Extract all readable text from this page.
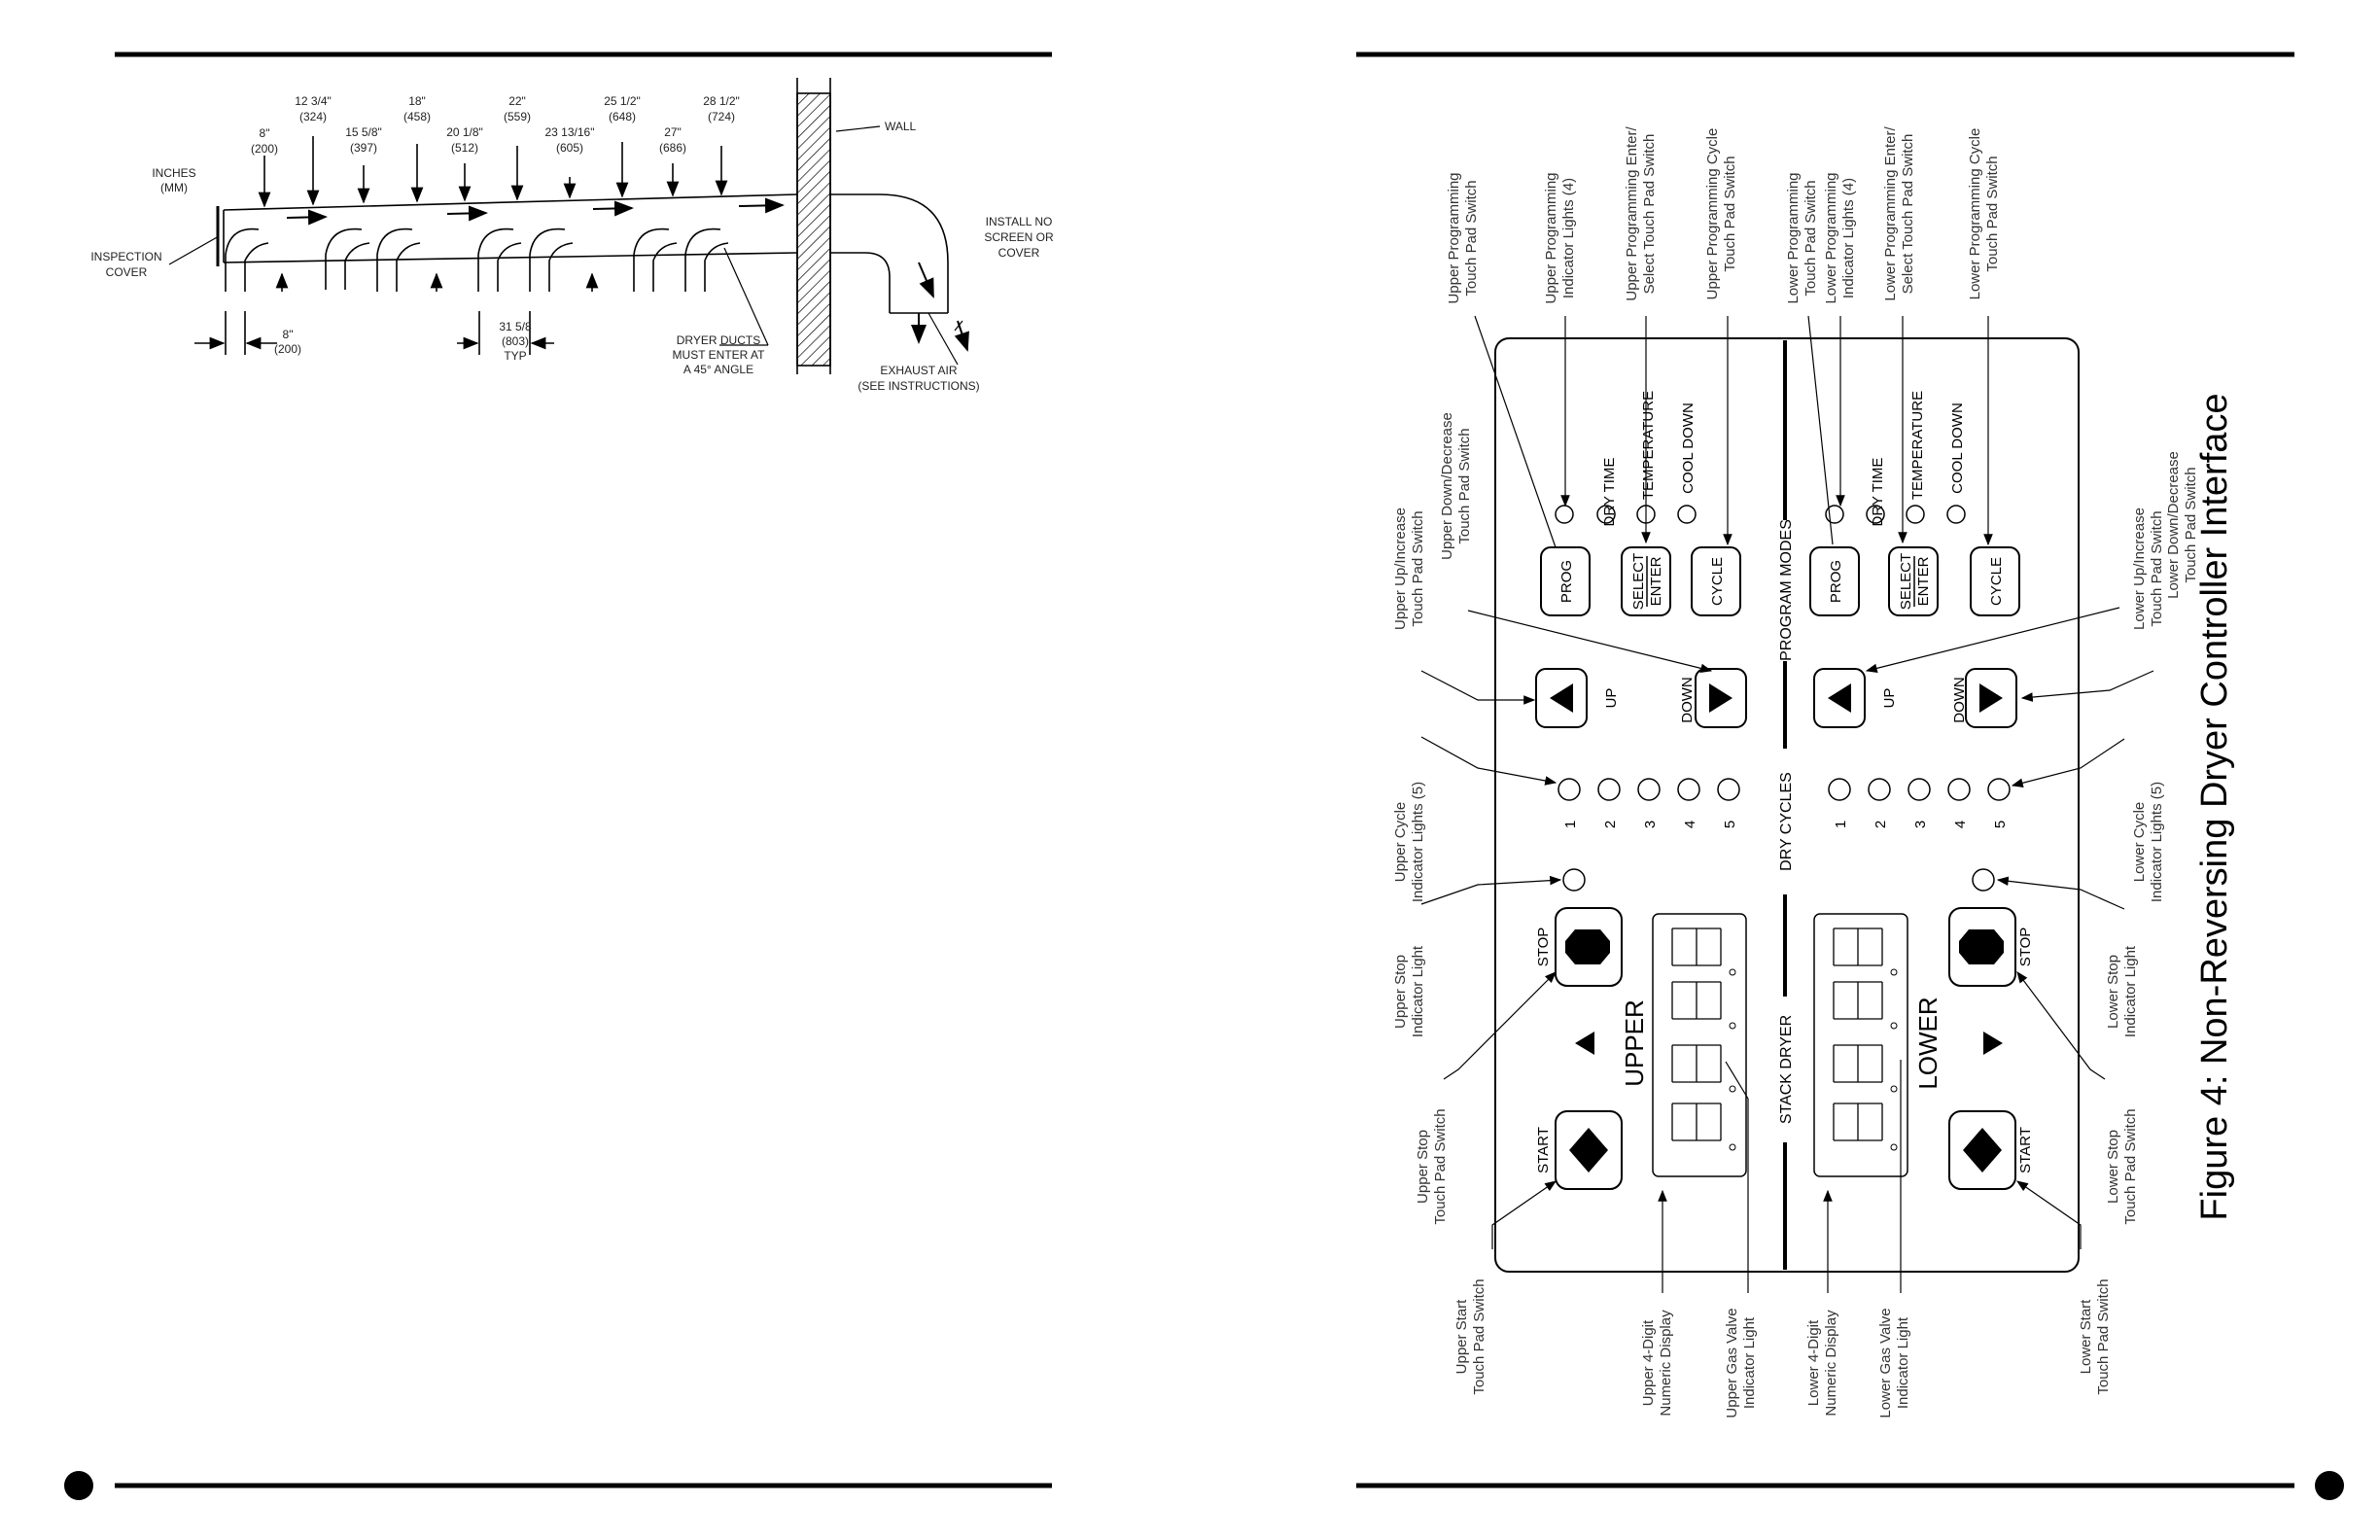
INCHES
(MM)
INSPECTION
COVER
8"
(200)
12 3/4"
(324)
15 5/8"
(397)
18"
(458)
20 1/8"
(512)
22"
(559)
23 13/16"
(605)
25 1/2"
(648)
27"
(686)
28 1/2"
(724)
8"
(200)
31 5/8
(803)
TYP
DRYER DUCTS
MUST ENTER AT
A 45° ANGLE
WALL
INSTALL NO
SCREEN OR
COVER
EXHAUST AIR
(SEE INSTRUCTIONS)
PROGRAM MODES
DRY CYCLES
STACK DRYER
PROG	SELECT ENTER	CYCLE
DRY TIME TEMPERATURE COOL DOWN
UP	DOWN
1 2 3 4 5
STOP
UPPER
START
PROG	SELECT ENTER	CYCLE
DRY TIME TEMPERATURE COOL DOWN
UP	DOWN
1 2 3 4 5
STOP
LOWER
START
Upper Programming Touch Pad Switch	Upper Programming Indicator Lights (4)	Upper Programming Enter/ Select Touch Pad Switch	Upper Programming Cycle Touch Pad Switch	Lower Programming Touch Pad Switch Lower Programming Indicator Lights (4) Lower Programming Enter/ Select Touch Pad Switch	Lower Programming Cycle Touch Pad Switch
Upper Up/Increase Touch Pad Switch
Upper Down/Decrease Touch Pad Switch
Upper Cycle Indicator Lights (5)
Upper Stop Indicator Light
Upper Stop Touch Pad Switch
Upper Start Touch Pad Switch
Lower Up/Increase Touch Pad Switch Lower Down/Decrease Touch Pad Switch
Lower Cycle Indicator Lights (5)
Lower Stop Indicator Light
Lower Stop Touch Pad Switch
Lower Start Touch Pad Switch
Upper 4-Digit Numeric Display	Upper Gas Valve Indicator Light	Lower 4-Digit Numeric Display	Lower Gas Valve Indicator Light
Figure 4: Non-Reversing Dryer Controller Interface
